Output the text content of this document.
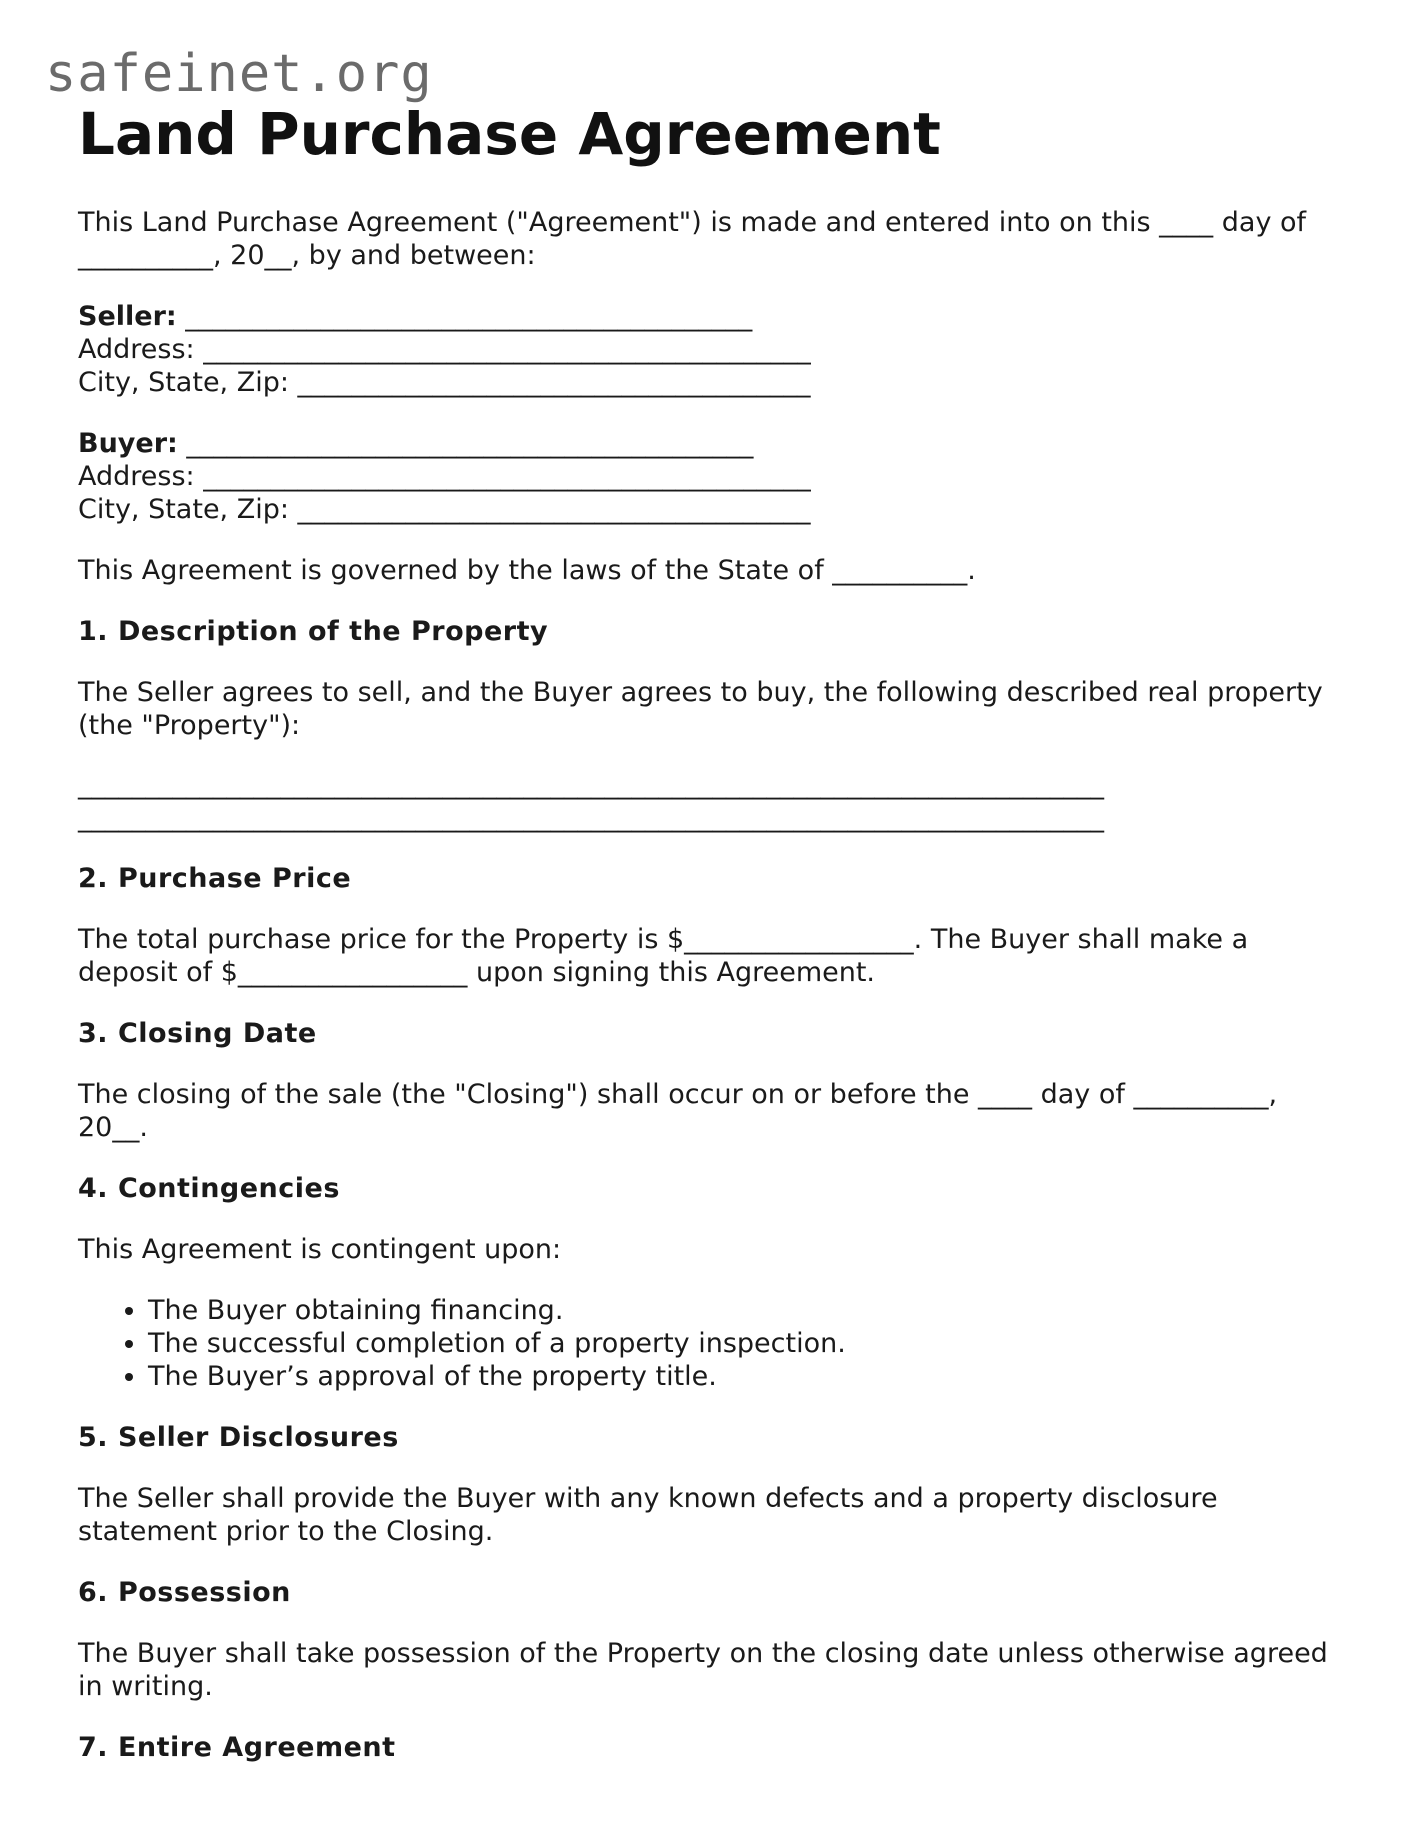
safeinet.org
Land Purchase Agreement

This Land Purchase Agreement ("Agreement") is made and entered into on this ____ day of __________, 20__, by and between:

Seller: __________________________________________
Address: _____________________________________________
City, State, Zip: ______________________________________
Buyer: __________________________________________
Address: _____________________________________________
City, State, Zip: ______________________________________

This Agreement is governed by the laws of the State of __________.

1. Description of the Property

The Seller agrees to sell, and the Buyer agrees to buy, the following described real property (the "Property"):

____________________________________________________________________________
____________________________________________________________________________
2. Purchase Price

The total purchase price for the Property is $_________________. The Buyer shall make a deposit of $_________________ upon signing this Agreement.

3. Closing Date

The closing of the sale (the "Closing") shall occur on or before the ____ day of __________, 20__.

4. Contingencies

This Agreement is contingent upon:

• The Buyer obtaining financing.
• The successful completion of a property inspection.
• The Buyer’s approval of the property title.
5. Seller Disclosures

The Seller shall provide the Buyer with any known defects and a property disclosure statement prior to the Closing.

6. Possession

The Buyer shall take possession of the Property on the closing date unless otherwise agreed in writing.

7. Entire Agreement
